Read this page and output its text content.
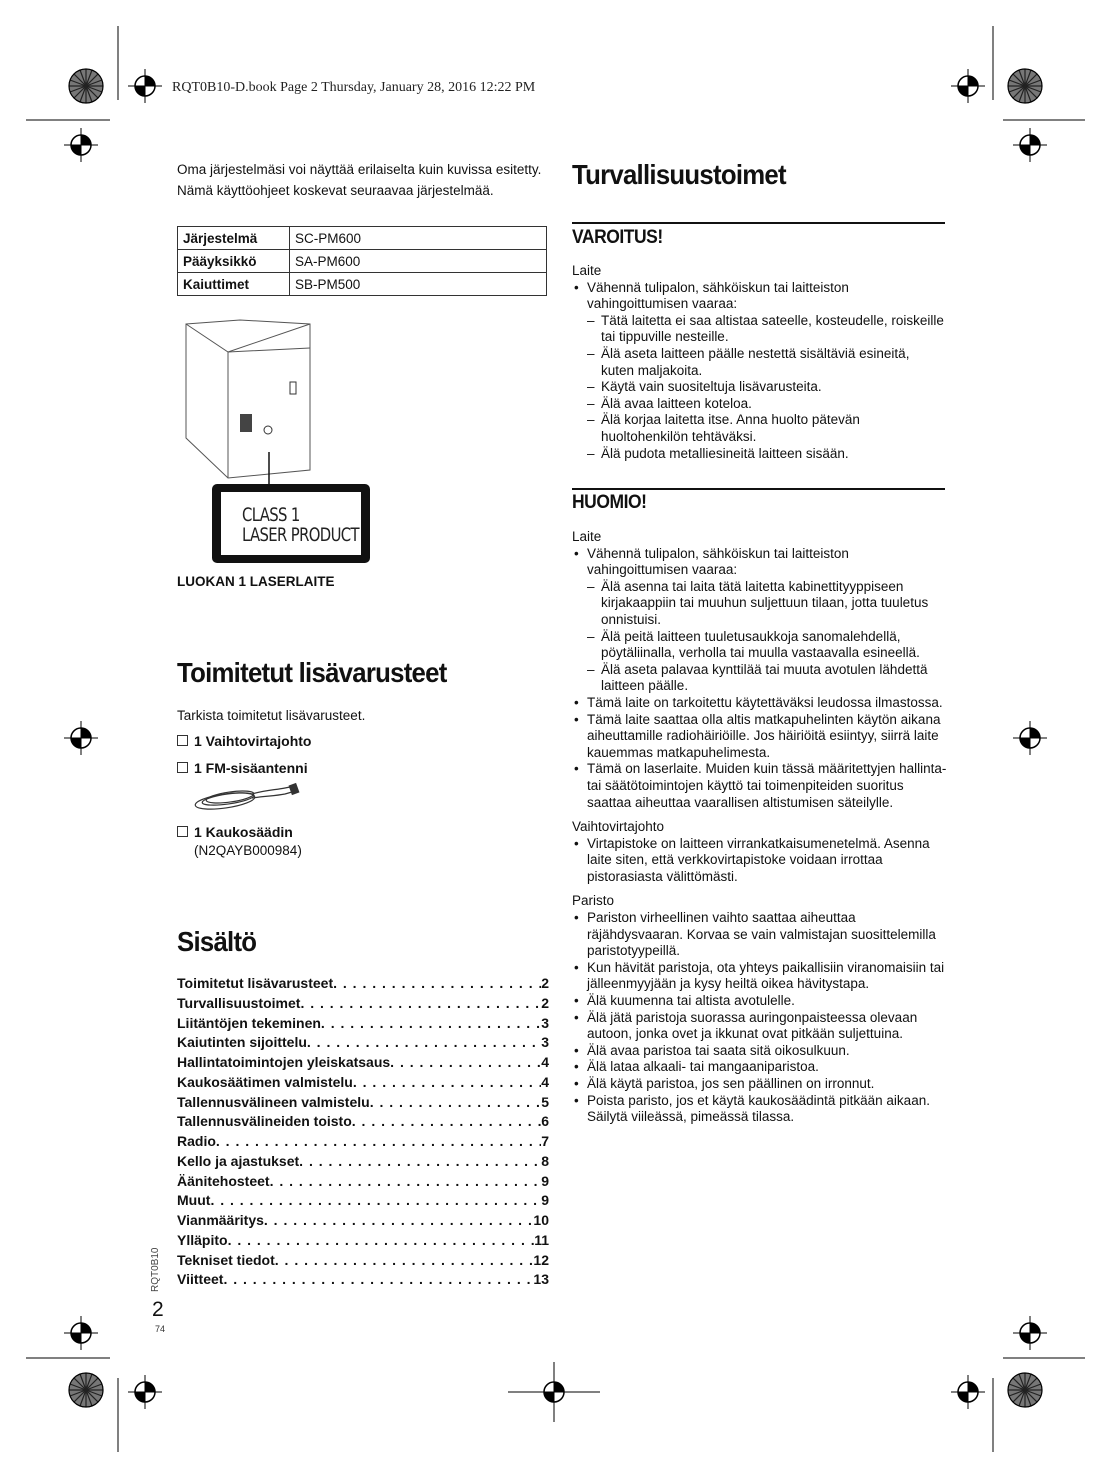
RQT0B10-D.book Page 2 Thursday, January 28, 2016 12:22 PM
Oma järjestelmäsi voi näyttää erilaiselta kuin kuvissa esitetty.
Nämä käyttöohjeet koskevat seuraavaa järjestelmää.
Järjestelmä	SC-PM600
Pääyksikkö	SA-PM600
Kaiuttimet	SB-PM500
CLASS 1
LASER PRODUCT
LUOKAN 1 LASERLAITE
Toimitetut lisävarusteet
Tarkista toimitetut lisävarusteet.
1 Vaihtovirtajohto
1 FM-sisäantenni
1 Kaukosäädin
(N2QAYB000984)
Sisältö
Toimitetut lisävarusteet . . .	2
Turvallisuustoimet . . .	2
Liitäntöjen tekeminen . . .	3
Kaiutinten sijoittelu . . .	3
Hallintatoimintojen yleiskatsaus . . .	4
Kaukosäätimen valmistelu . . .	4
Tallennusvälineen valmistelu . . .	5
Tallennusvälineiden toisto . . .	6
Radio . . .	7
Kello ja ajastukset . . .	8
Äänitehosteet . . .	9
Muut . . .	9
Vianmääritys . . .	10
Ylläpito . . .	11
Tekniset tiedot . . .	12
Viitteet . . .	13
RQT0B10
2
74
Turvallisuustoimet
VAROITUS!
Laite
• Vähennä tulipalon, sähköiskun tai laitteiston vahingoittumisen vaaraa:
– Tätä laitetta ei saa altistaa sateelle, kosteudelle, roiskeille tai tippuville nesteille.
– Älä aseta laitteen päälle nestettä sisältäviä esineitä, kuten maljakoita.
– Käytä vain suositeltuja lisävarusteita.
– Älä avaa laitteen koteloa.
– Älä korjaa laitetta itse. Anna huolto pätevän huoltohenkilön tehtäväksi.
– Älä pudota metalliesineitä laitteen sisään.
HUOMIO!
Laite
• Vähennä tulipalon, sähköiskun tai laitteiston vahingoittumisen vaaraa:
– Älä asenna tai laita tätä laitetta kabinettityyppiseen kirjakaappiin tai muuhun suljettuun tilaan, jotta tuuletus onnistuisi.
– Älä peitä laitteen tuuletusaukkoja sanomalehdellä, pöytäliinalla, verholla tai muulla vastaavalla esineellä.
– Älä aseta palavaa kynttilää tai muuta avotulen lähdettä laitteen päälle.
• Tämä laite on tarkoitettu käytettäväksi leudossa ilmastossa.
• Tämä laite saattaa olla altis matkapuhelinten käytön aikana aiheuttamille radiohäiriöille. Jos häiriöitä esiintyy, siirrä laite kauemmas matkapuhelimesta.
• Tämä on laserlaite. Muiden kuin tässä määritettyjen hallinta- tai säätötoimintojen käyttö tai toimenpiteiden suoritus saattaa aiheuttaa vaarallisen altistumisen säteilylle.
Vaihtovirtajohto
• Virtapistoke on laitteen virrankatkaisumenetelmä. Asenna laite siten, että verkkovirtapistoke voidaan irrottaa pistorasiasta välittömästi.
Paristo
• Pariston virheellinen vaihto saattaa aiheuttaa räjähdysvaaran. Korvaa se vain valmistajan suosittelemilla paristotyypeillä.
• Kun hävität paristoja, ota yhteys paikallisiin viranomaisiin tai jälleenmyyjään ja kysy heiltä oikea hävitystapa.
• Älä kuumenna tai altista avotulelle.
• Älä jätä paristoja suorassa auringonpaisteessa olevaan autoon, jonka ovet ja ikkunat ovat pitkään suljettuina.
• Älä avaa paristoa tai saata sitä oikosulkuun.
• Älä lataa alkaali- tai mangaaniparistoa.
• Älä käytä paristoa, jos sen päällinen on irronnut.
• Poista paristo, jos et käytä kaukosäädintä pitkään aikaan. Säilytä viileässä, pimeässä tilassa.
